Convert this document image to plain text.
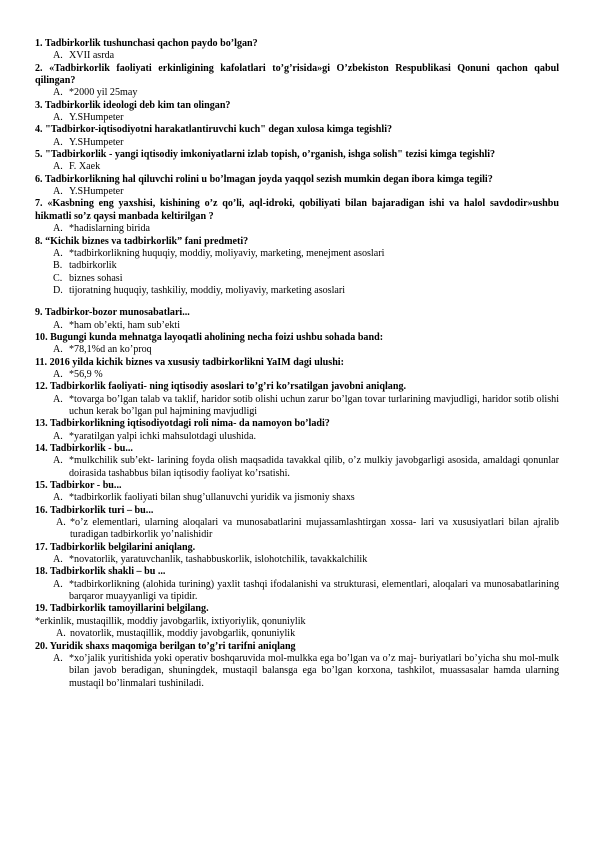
1. Tadbirkorlik tushunchasi qachon paydo bo’lgan?

A. XVII asrda

2. «Tadbirkorlik faoliyati erkinligining kafolatlari to’g’risida»gi O’zbekiston Respublikasi Qonuni qachon qabul qilingan?

A. *2000 yil 25may

3. Tadbirkorlik ideologi deb kim tan olingan?

A. Y.SHumpeter

4. "Tadbirkor-iqtisodiyotni harakatlantiruvchi kuch" degan xulosa kimga tegishli?

A. Y.SHumpeter

5. "Tadbirkorlik - yangi iqtisodiy imkoniyatlarni izlab topish, o’rganish, ishga solish" tezisi kimga tegishli?

A. F. Xaek

6. Tadbirkorlikning hal qiluvchi rolini u bo’lmagan joyda yaqqol sezish mumkin degan ibora kimga tegili?

A. Y.SHumpeter

7. «Kasbning eng yaxshisi, kishining o’z qo’li, aql-idroki, qobiliyati bilan bajaradigan ishi va halol savdodir»ushbu hikmatli so’z qaysi manbada keltirilgan ?

A. *hadislarning birida

8. “Kichik biznes va tadbirkorlik” fani predmeti?

A. *tadbirkorlikning huquqiy, moddiy, moliyaviy, marketing, menejment asoslari

B. tadbirkorlik

C. biznes sohasi

D. tijoratning huquqiy, tashkiliy, moddiy, moliyaviy, marketing asoslari

9. Tadbirkor-bozor munosabatlari...

A. *ham ob’ekti, ham sub’ekti

10. Bugungi kunda mehnatga layoqatli aholining necha foizi ushbu sohada band:

A. *78,1%d an ko’proq

11. 2016 yilda kichik biznes va xususiy tadbirkorlikni YaIM dagi ulushi:

A. *56,9 %

12. Tadbirkorlik faoliyati- ning iqtisodiy asoslari to’g’ri ko’rsatilgan javobni aniqlang.

A. *tovarga bo’lgan talab va taklif, haridor sotib olishi uchun zarur bo’lgan tovar turlarining mavjudligi, haridor sotib olishi uchun kerak bo’lgan pul hajmining mavjudligi

13. Tadbirkorlikning iqtisodiyotdagi roli nima- da namoyon bo’ladi?

A. *yaratilgan yalpi ichki mahsulotdagi ulushida.

14. Tadbirkorlik - bu...

A. *mulkchilik sub’ekt- larining foyda olish maqsadida tavakkal qilib, o’z mulkiy javobgarligi asosida, amaldagi qonunlar doirasida tashabbus bilan iqtisodiy faoliyat ko’rsatishi.

15. Tadbirkor - bu...

A. *tadbirkorlik faoliyati bilan shug’ullanuvchi yuridik va jismoniy shaxs

16. Tadbirkorlik turi – bu...

A. *o’z elementlari, ularning aloqalari va munosabatlarini mujassamlashtirgan xossa- lari va xususiyatlari bilan ajralib turadigan tadbirkorlik yo’nalishidir

17. Tadbirkorlik belgilarini aniqlang.

A. *novatorlik, yaratuvchanlik, tashabbuskorlik, islohotchilik, tavakkalchilik

18. Tadbirkorlik shakli – bu ...

A. *tadbirkorlikning (alohida turining) yaxlit tashqi ifodalanishi va strukturasi, elementlari, aloqalari va munosabatlarining barqaror muayyanligi va tipidir.

19. Tadbirkorlik tamoyillarini belgilang.

*erkinlik, mustaqillik, moddiy javobgarlik, ixtiyoriylik, qonuniylik

A. novatorlik, mustaqillik, moddiy javobgarlik, qonuniylik

20. Yuridik shaxs maqomiga berilgan to’g’ri tarifni aniqlang

A. *xo’jalik yuritishida yoki operativ boshqaruvida mol-mulkka ega bo’lgan va o’z maj- buriyatlari bo’yicha shu mol-mulk bilan javob beradigan, shuningdek, mustaqil balansga ega bo’lgan korxona, tashkilot, muassasalar hamda ularning mustaqil bo’linmalari tushiniladi.
